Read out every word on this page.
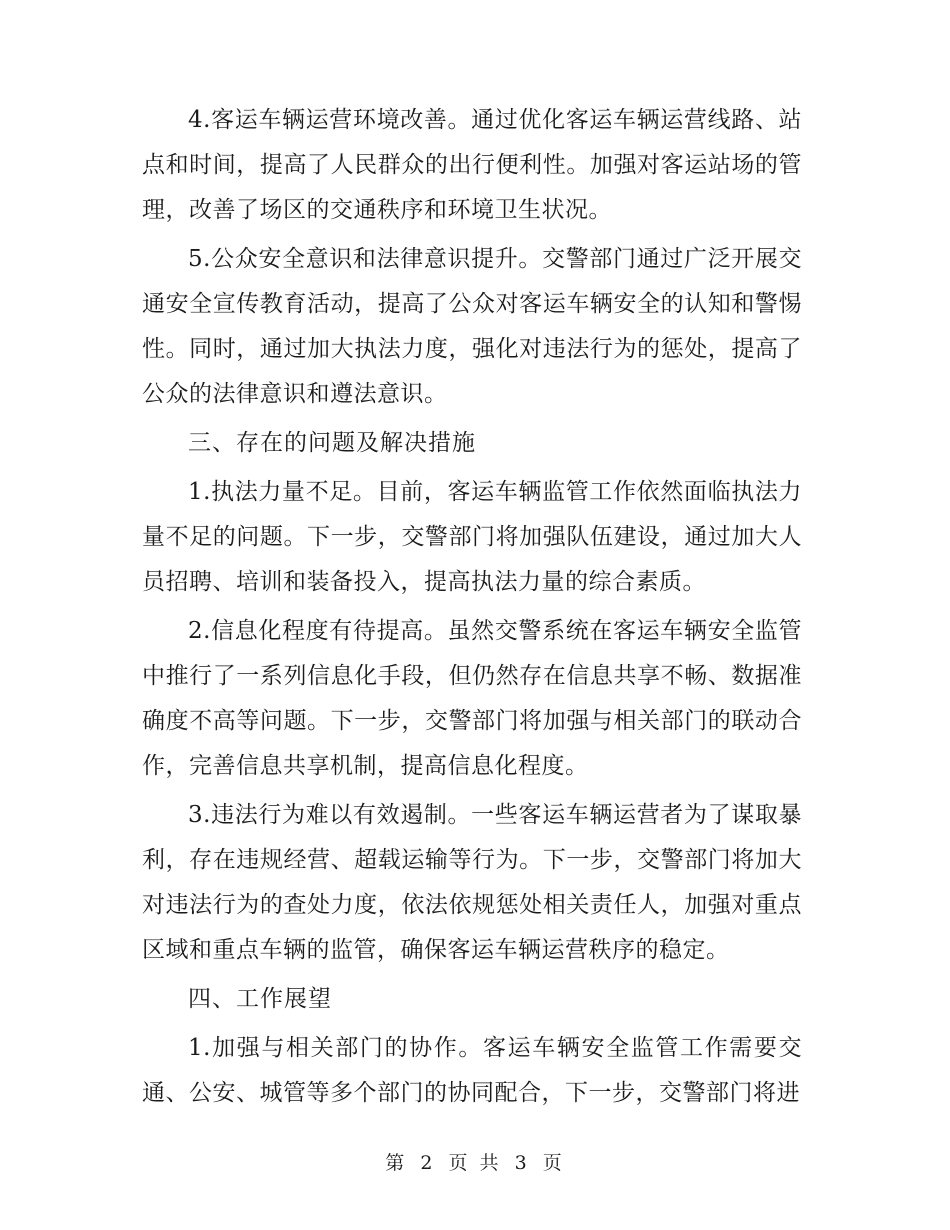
4.客运车辆运营环境改善。通过优化客运车辆运营线路、站点和时间，提高了人民群众的出行便利性。加强对客运站场的管理，改善了场区的交通秩序和环境卫生状况。

5.公众安全意识和法律意识提升。交警部门通过广泛开展交通安全宣传教育活动，提高了公众对客运车辆安全的认知和警惕性。同时，通过加大执法力度，强化对违法行为的惩处，提高了公众的法律意识和遵法意识。

三、存在的问题及解决措施

1.执法力量不足。目前，客运车辆监管工作依然面临执法力量不足的问题。下一步，交警部门将加强队伍建设，通过加大人员招聘、培训和装备投入，提高执法力量的综合素质。

2.信息化程度有待提高。虽然交警系统在客运车辆安全监管中推行了一系列信息化手段，但仍然存在信息共享不畅、数据准确度不高等问题。下一步，交警部门将加强与相关部门的联动合作，完善信息共享机制，提高信息化程度。

3.违法行为难以有效遏制。一些客运车辆运营者为了谋取暴利，存在违规经营、超载运输等行为。下一步，交警部门将加大对违法行为的查处力度，依法依规惩处相关责任人，加强对重点区域和重点车辆的监管，确保客运车辆运营秩序的稳定。

四、工作展望

1.加强与相关部门的协作。客运车辆安全监管工作需要交通、公安、城管等多个部门的协同配合，下一步，交警部门将进

第 2 页 共 3 页
